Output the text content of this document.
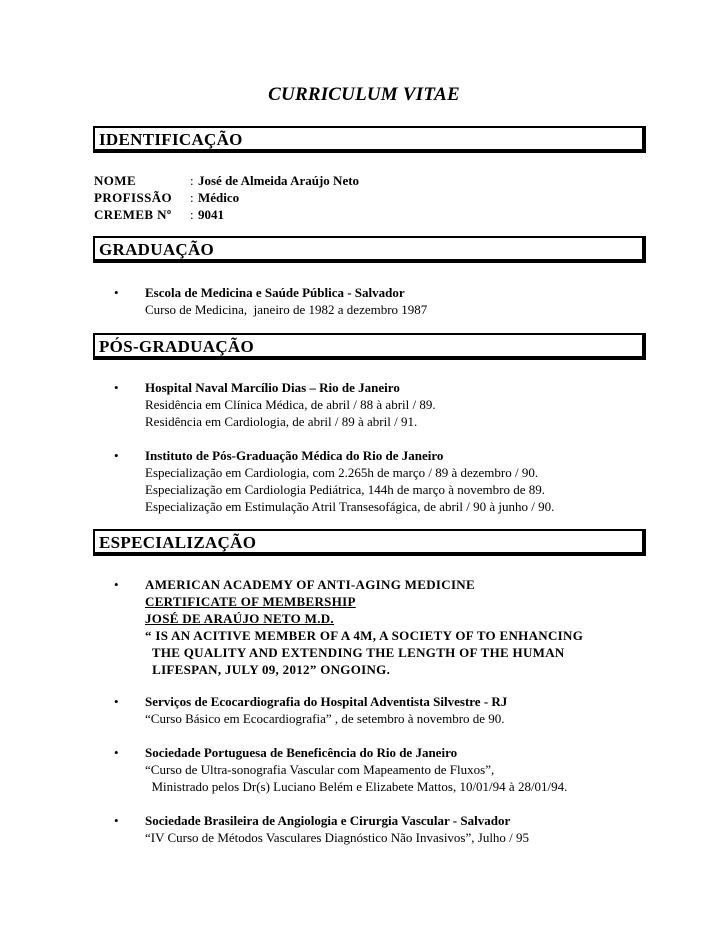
CURRICULUM VITAE
IDENTIFICAÇÃO
NOME	: José de Almeida Araújo Neto
PROFISSÃO	: Médico
CREMEB Nº	: 9041
GRADUAÇÃO
•	Escola de Medicina e Saúde Pública - Salvador
Curso de Medicina,  janeiro de 1982 a dezembro 1987
PÓS-GRADUAÇÃO
•	Hospital Naval Marcílio Dias – Rio de Janeiro
Residência em Clínica Médica, de abril / 88 à abril / 89.
Residência em Cardiologia, de abril / 89 à abril / 91.
•	Instituto de Pós-Graduação Médica do Rio de Janeiro
Especialização em Cardiologia, com 2.265h de março / 89 à dezembro / 90.
Especialização em Cardiologia Pediátrica, 144h de março à novembro de 89.
Especialização em Estimulação Atril Transesofágica, de abril / 90 à junho / 90.
ESPECIALIZAÇÃO
•	AMERICAN ACADEMY OF ANTI-AGING MEDICINE
CERTIFICATE OF MEMBERSHIP
JOSÉ DE ARAÚJO NETO M.D.
“ IS AN ACITIVE MEMBER OF A 4M, A SOCIETY OF TO ENHANCING
THE QUALITY AND EXTENDING THE LENGTH OF THE HUMAN
LIFESPAN, JULY 09, 2012” ONGOING.
•	Serviços de Ecocardiografia do Hospital Adventista Silvestre - RJ
“Curso Básico em Ecocardiografia” , de setembro à novembro de 90.
•	Sociedade Portuguesa de Beneficência do Rio de Janeiro
“Curso de Ultra-sonografia Vascular com Mapeamento de Fluxos”,
Ministrado pelos Dr(s) Luciano Belém e Elizabete Mattos, 10/01/94 à 28/01/94.
•	Sociedade Brasileira de Angiologia e Cirurgia Vascular - Salvador
“IV Curso de Métodos Vasculares Diagnóstico Não Invasivos”, Julho / 95
